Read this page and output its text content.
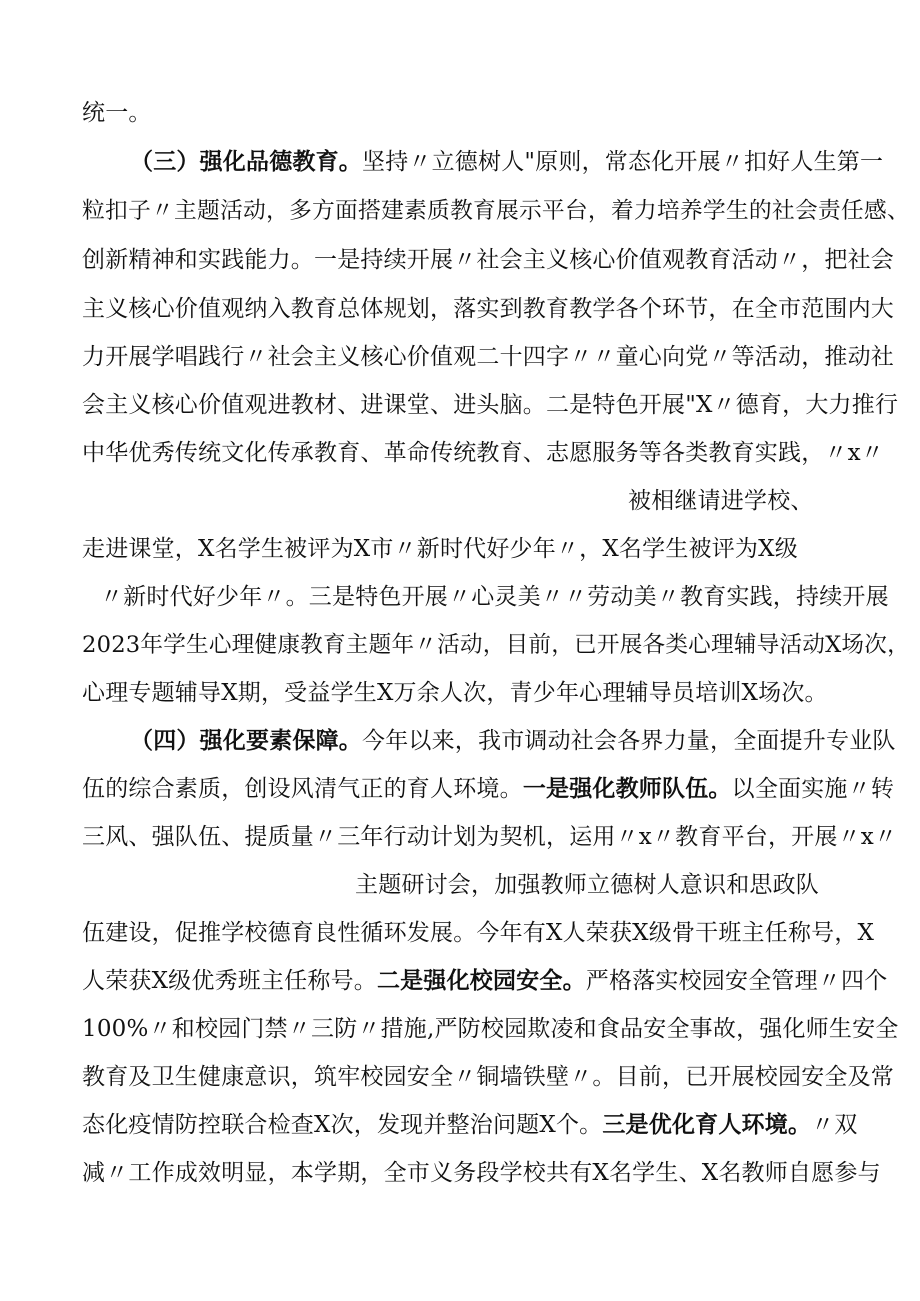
统一。
（三）强化品德教育。坚持〃立德树人"原则，常态化开展〃扣好人生第一
粒扣子〃主题活动，多方面搭建素质教育展示平台，着力培养学生的社会责任感、
创新精神和实践能力。一是持续开展〃社会主义核心价值观教育活动〃，把社会
主义核心价值观纳入教育总体规划，落实到教育教学各个环节，在全市范围内大
力开展学唱践行〃社会主义核心价值观二十四字〃〃童心向党〃等活动，推动社
会主义核心价值观进教材、进课堂、进头脑。二是特色开展"X〃德育，大力推行
中华优秀传统文化传承教育、革命传统教育、志愿服务等各类教育实践，〃x〃
被相继请进学校、
走进课堂，X名学生被评为X市〃新时代好少年〃，X名学生被评为X级
〃新时代好少年〃。三是特色开展〃心灵美〃〃劳动美〃教育实践，持续开展
2023年学生心理健康教育主题年〃活动，目前，已开展各类心理辅导活动X场次，
心理专题辅导X期，受益学生X万余人次，青少年心理辅导员培训X场次。
（四）强化要素保障。今年以来，我市调动社会各界力量，全面提升专业队
伍的综合素质，创设风清气正的育人环境。一是强化教师队伍。以全面实施〃转
三风、强队伍、提质量〃三年行动计划为契机，运用〃x〃教育平台，开展〃x〃
主题研讨会，加强教师立德树人意识和思政队
伍建设，促推学校德育良性循环发展。今年有X人荣获X级骨干班主任称号，X
人荣获X级优秀班主任称号。二是强化校园安全。严格落实校园安全管理〃四个
100%〃和校园门禁〃三防〃措施,严防校园欺凌和食品安全事故，强化师生安全
教育及卫生健康意识，筑牢校园安全〃铜墙铁壁〃。目前，已开展校园安全及常
态化疫情防控联合检查X次，发现并整治问题X个。三是优化育人环境。〃双
减〃工作成效明显，本学期，全市义务段学校共有X名学生、X名教师自愿参与
